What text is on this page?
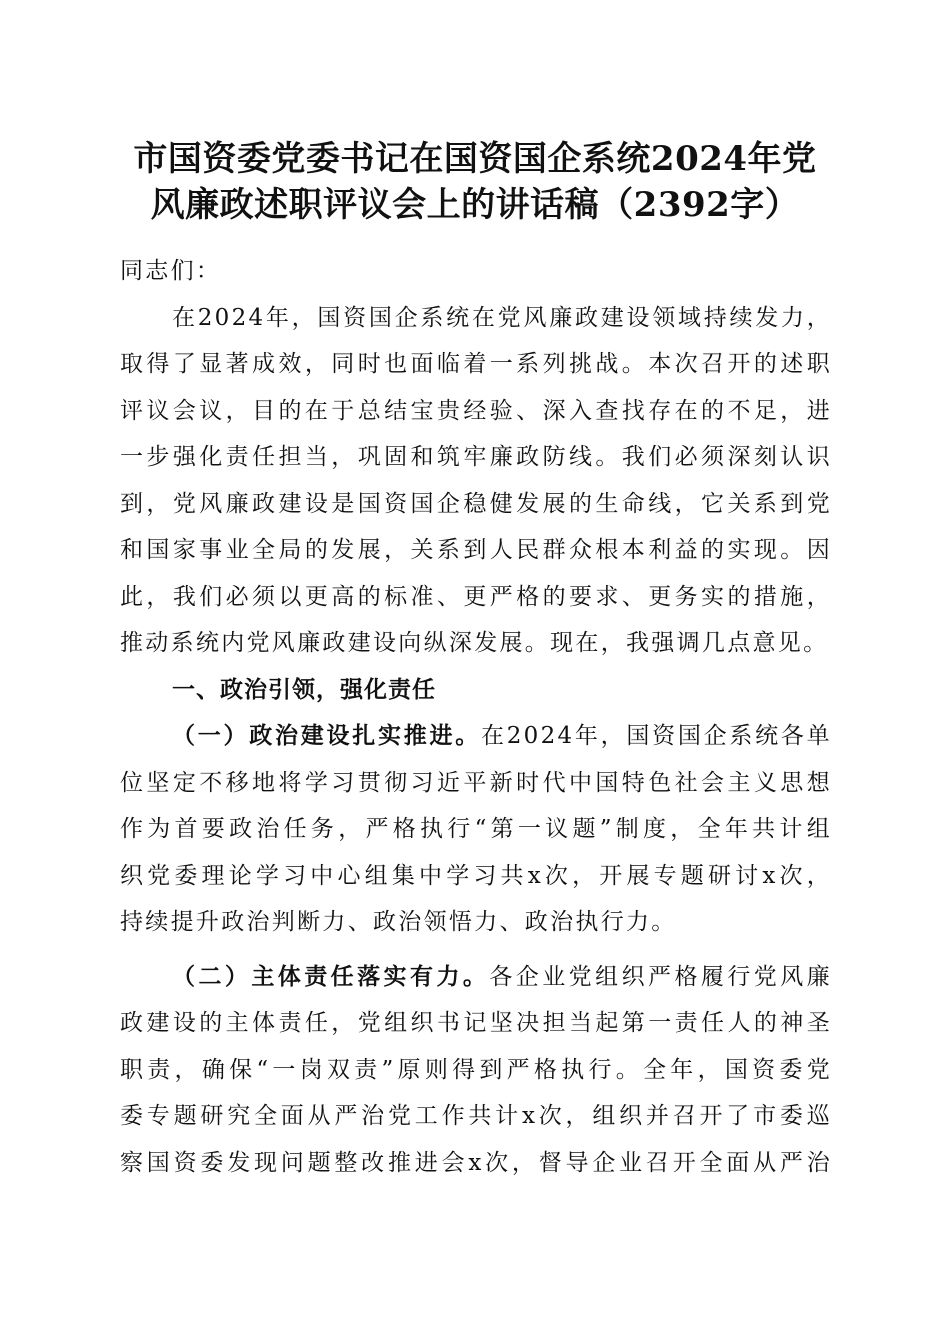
市国资委党委书记在国资国企系统2024年党
风廉政述职评议会上的讲话稿（2392字）

同志们：

在2024年，国资国企系统在党风廉政建设领域持续发力，
取得了显著成效，同时也面临着一系列挑战。本次召开的述职
评议会议，目的在于总结宝贵经验、深入查找存在的不足，进
一步强化责任担当，巩固和筑牢廉政防线。我们必须深刻认识
到，党风廉政建设是国资国企稳健发展的生命线，它关系到党
和国家事业全局的发展，关系到人民群众根本利益的实现。因
此，我们必须以更高的标准、更严格的要求、更务实的措施，
推动系统内党风廉政建设向纵深发展。现在，我强调几点意见。

一、政治引领，强化责任

（一）政治建设扎实推进。在2024年，国资国企系统各单
位坚定不移地将学习贯彻习近平新时代中国特色社会主义思想
作为首要政治任务，严格执行“第一议题”制度，全年共计组
织党委理论学习中心组集中学习共x次，开展专题研讨x次，
持续提升政治判断力、政治领悟力、政治执行力。

（二）主体责任落实有力。各企业党组织严格履行党风廉
政建设的主体责任，党组织书记坚决担当起第一责任人的神圣
职责，确保“一岗双责”原则得到严格执行。全年，国资委党
委专题研究全面从严治党工作共计x次，组织并召开了市委巡
察国资委发现问题整改推进会x次，督导企业召开全面从严治
